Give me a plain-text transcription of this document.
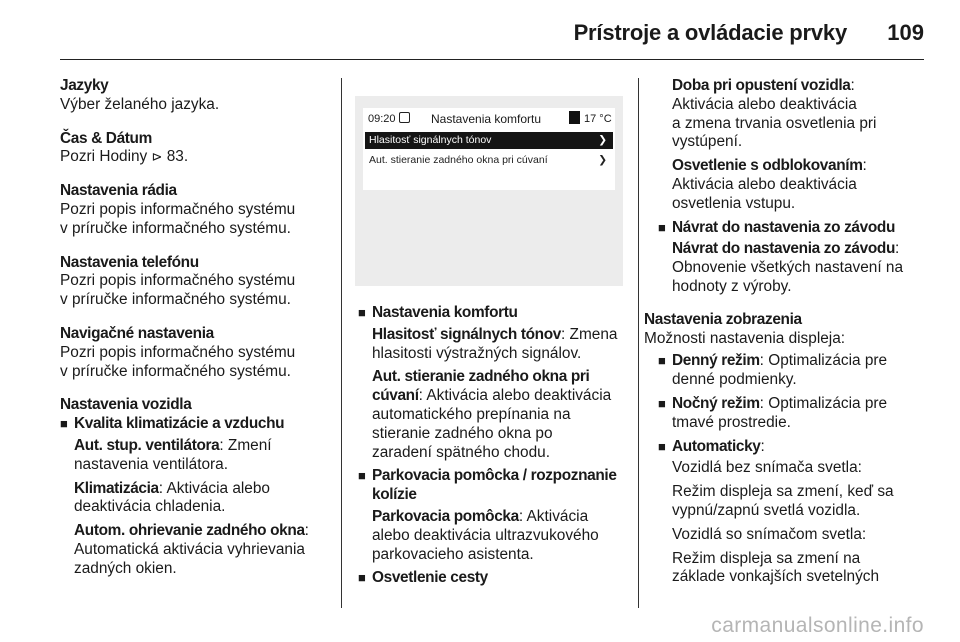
Prístroje a ovládacie prvky 109
Jazyky

Výber želaného jazyka.

Čas & Dátum

Pozri Hodiny ⊳ 83.

Nastavenia rádia

Pozri popis informačného systému

v príručke informačného systému.

Nastavenia telefónu

Pozri popis informačného systému

v príručke informačného systému.

Navigačné nastavenia

Pozri popis informačného systému

v príručke informačného systému.

Nastavenia vozidla

■ Kvalita klimatizácie a vzduchu

Aut. stup. ventilátora: Zmení
nastavenia ventilátora.

Klimatizácia: Aktivácia alebo
deaktivácia chladenia.

Autom. ohrievanie zadného okna:
Automatická aktivácia vyhrievania
zadných okien.

09:20	Nastavenia komfortu	17 °C
Hlasitosť signálnych tónov	❯
Aut. stieranie zadného okna pri cúvaní	❯

■ Nastavenia komfortu

Hlasitosť signálnych tónov: Zmena
hlasitosti výstražných signálov.

Aut. stieranie zadného okna pri
cúvaní: Aktivácia alebo deaktivácia
automatického prepínania na
stieranie zadného okna po
zaradení spätného chodu.

■ Parkovacia pomôcka / rozpoznanie
kolízie

Parkovacia pomôcka: Aktivácia
alebo deaktivácia ultrazvukového
parkovacieho asistenta.

■ Osvetlenie cesty

Doba pri opustení vozidla:
Aktivácia alebo deaktivácia
a zmena trvania osvetlenia pri
vystúpení.

Osvetlenie s odblokovaním:
Aktivácia alebo deaktivácia
osvetlenia vstupu.

■ Návrat do nastavenia zo závodu

Návrat do nastavenia zo závodu:
Obnovenie všetkých nastavení na
hodnoty z výroby.

Nastavenia zobrazenia

Možnosti nastavenia displeja:

■ Denný režim: Optimalizácia pre
denné podmienky.

■ Nočný režim: Optimalizácia pre
tmavé prostredie.

■ Automaticky:

Vozidlá bez snímača svetla:

Režim displeja sa zmení, keď sa
vypnú/zapnú svetlá vozidla.

Vozidlá so snímačom svetla:

Režim displeja sa zmení na
základe vonkajších svetelných

carmanualsonline.info
